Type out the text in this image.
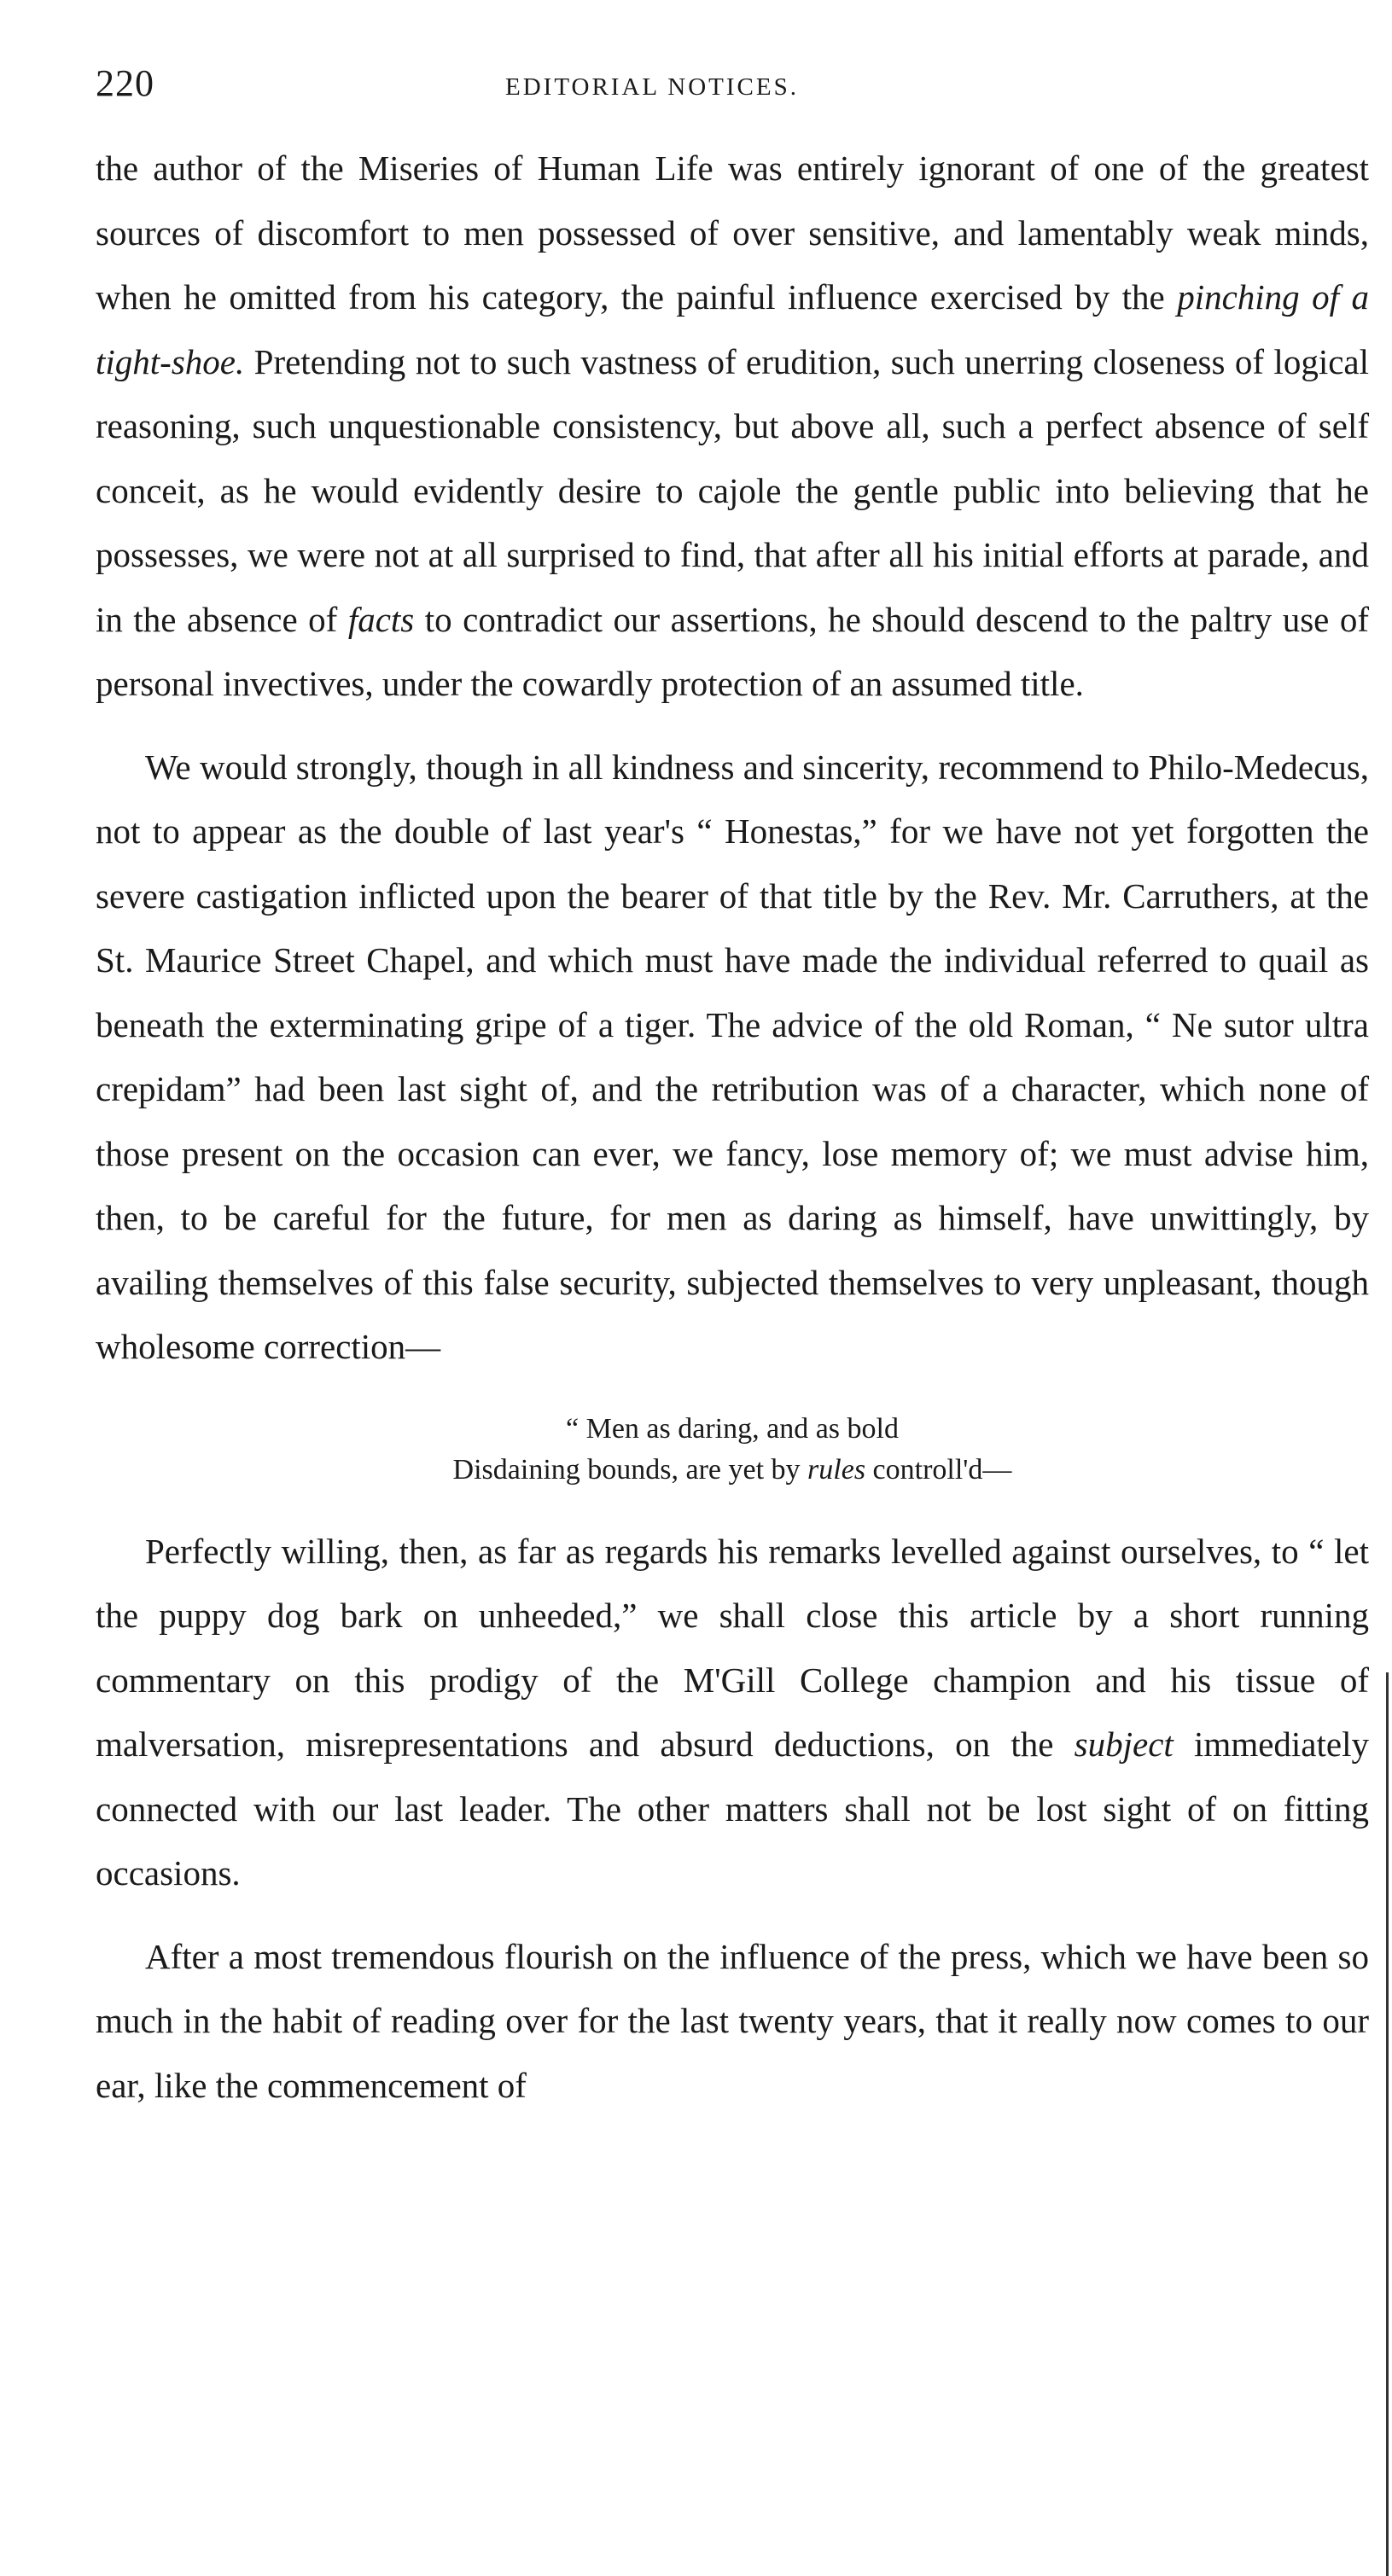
220	EDITORIAL NOTICES.

the author of the Miseries of Human Life was entirely ignorant of one of the greatest sources of discomfort to men possessed of over sensitive, and lamentably weak minds, when he omitted from his category, the painful influence exercised by the pinching of a tight-shoe. Pretending not to such vastness of erudition, such unerring closeness of logical reasoning, such unquestionable consistency, but above all, such a perfect absence of self conceit, as he would evidently desire to cajole the gentle public into believing that he possesses, we were not at all surprised to find, that after all his initial efforts at parade, and in the absence of facts to contradict our assertions, he should descend to the paltry use of personal invectives, under the cowardly protection of an assumed title.

We would strongly, though in all kindness and sincerity, recommend to Philo-Medecus, not to appear as the double of last year's “ Honestas,” for we have not yet forgotten the severe castigation inflicted upon the bearer of that title by the Rev. Mr. Carruthers, at the St. Maurice Street Chapel, and which must have made the individual referred to quail as beneath the exterminating gripe of a tiger. The advice of the old Roman, “ Ne sutor ultra crepidam” had been last sight of, and the retribution was of a character, which none of those present on the occasion can ever, we fancy, lose memory of; we must advise him, then, to be careful for the future, for men as daring as himself, have unwittingly, by availing themselves of this false security, subjected themselves to very unpleasant, though wholesome correction—

“ Men as daring, and as bold
Disdaining bounds, are yet by rules controll'd—

Perfectly willing, then, as far as regards his remarks levelled against ourselves, to “ let the puppy dog bark on unheeded,” we shall close this article by a short running commentary on this prodigy of the M'Gill College champion and his tissue of malversation, misrepresentations and absurd deductions, on the subject immediately connected with our last leader. The other matters shall not be lost sight of on fitting occasions.

After a most tremendous flourish on the influence of the press, which we have been so much in the habit of reading over for the last twenty years, that it really now comes to our ear, like the commencement of
